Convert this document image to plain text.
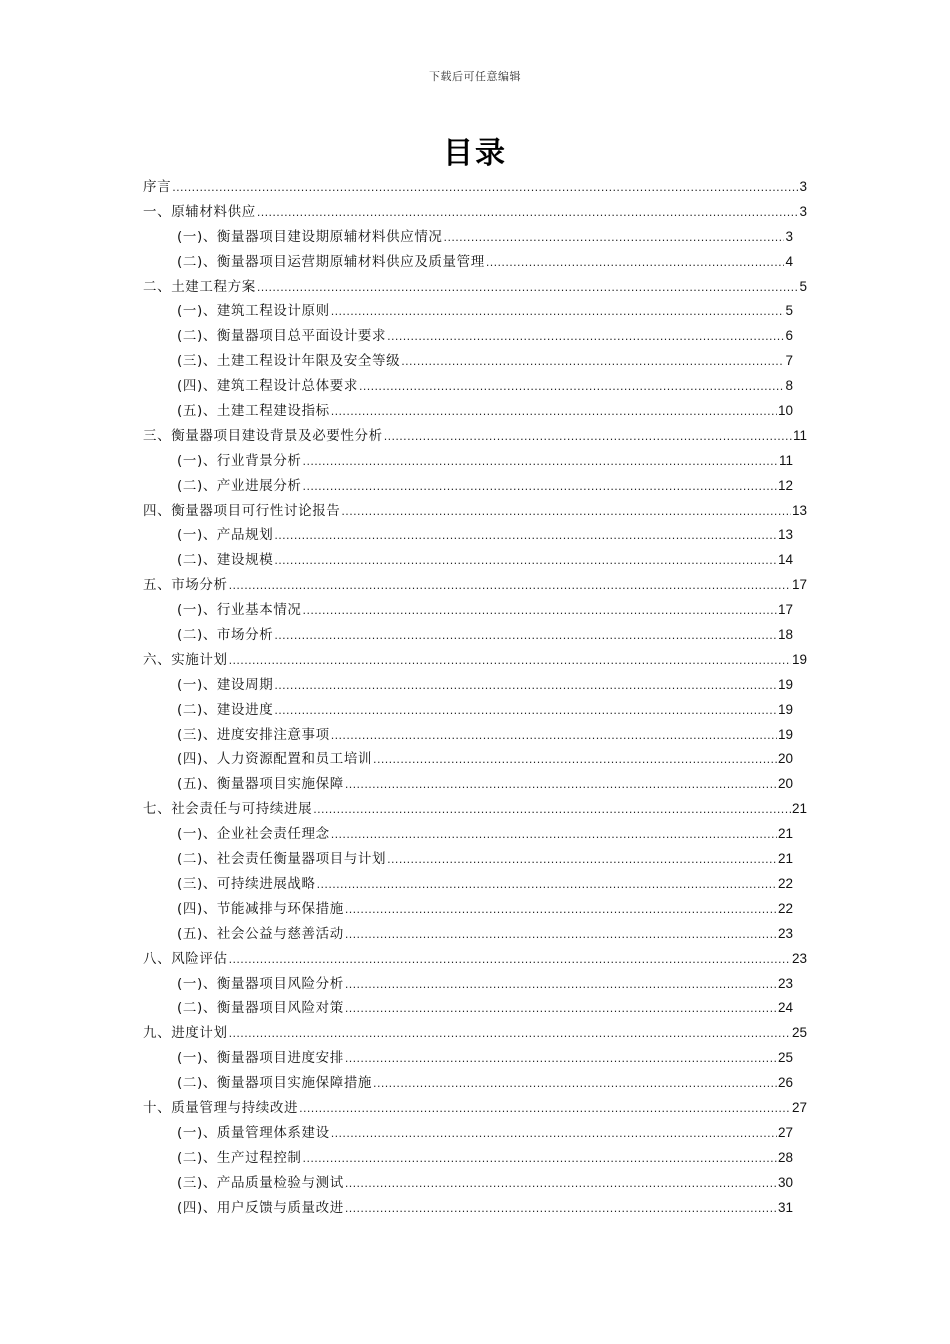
下载后可任意编辑
目录
序言 .....	3
一、原辅材料供应 .....	3
(一)、衡量器项目建设期原辅材料供应情况 .....	3
(二)、衡量器项目运营期原辅材料供应及质量管理 .....	4
二、土建工程方案 .....	5
(一)、建筑工程设计原则 .....	5
(二)、衡量器项目总平面设计要求 .....	6
(三)、土建工程设计年限及安全等级 .....	7
(四)、建筑工程设计总体要求 .....	8
(五)、土建工程建设指标 .....	10
三、衡量器项目建设背景及必要性分析 .....	11
(一)、行业背景分析 .....	11
(二)、产业进展分析 .....	12
四、衡量器项目可行性讨论报告 .....	13
(一)、产品规划 .....	13
(二)、建设规模 .....	14
五、市场分析 .....	17
(一)、行业基本情况 .....	17
(二)、市场分析 .....	18
六、实施计划 .....	19
(一)、建设周期 .....	19
(二)、建设进度 .....	19
(三)、进度安排注意事项 .....	19
(四)、人力资源配置和员工培训 .....	20
(五)、衡量器项目实施保障 .....	20
七、社会责任与可持续进展 .....	21
(一)、企业社会责任理念 .....	21
(二)、社会责任衡量器项目与计划 .....	21
(三)、可持续进展战略 .....	22
(四)、节能减排与环保措施 .....	22
(五)、社会公益与慈善活动 .....	23
八、风险评估 .....	23
(一)、衡量器项目风险分析 .....	23
(二)、衡量器项目风险对策 .....	24
九、进度计划 .....	25
(一)、衡量器项目进度安排 .....	25
(二)、衡量器项目实施保障措施 .....	26
十、质量管理与持续改进 .....	27
(一)、质量管理体系建设 .....	27
(二)、生产过程控制 .....	28
(三)、产品质量检验与测试 .....	30
(四)、用户反馈与质量改进 .....	31
